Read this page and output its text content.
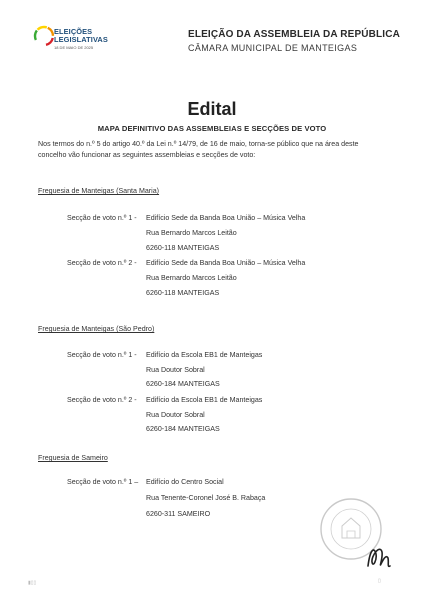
ELEIÇÕES
LEGISLATIVAS
18 DE MAIO DE 2025
ELEIÇÃO DA ASSEMBLEIA DA REPÚBLICA
CÂMARA MUNICIPAL DE MANTEIGAS
Edital
MAPA DEFINITIVO DAS ASSEMBLEIAS E SECÇÕES DE VOTO
Nos termos do n.º 5 do artigo 40.º da Lei n.º 14/79, de 16 de maio, torna-se público que na área deste concelho vão funcionar as seguintes assembleias e secções de voto:
Freguesia de Manteigas (Santa Maria)
Secção de voto n.º 1 - Edifício Sede da Banda Boa União – Música Velha
Rua Bernardo Marcos Leitão
6260-118 MANTEIGAS
Secção de voto n.º 2 - Edifício Sede da Banda Boa União – Música Velha
Rua Bernardo Marcos Leitão
6260-118 MANTEIGAS
Freguesia de Manteigas (São Pedro)
Secção de voto n.º 1 - Edifício da Escola EB1 de Manteigas
Rua Doutor Sobral
6260-184 MANTEIGAS
Secção de voto n.º 2 - Edifício da Escola EB1 de Manteigas
Rua Doutor Sobral
6260-184 MANTEIGAS
Freguesia de Sameiro
Secção de voto n.º 1 – Edifício do Centro Social
Rua Tenente-Coronel José B. Rabaça
6260-311 SAMEIRO
▮▯▯	▯
